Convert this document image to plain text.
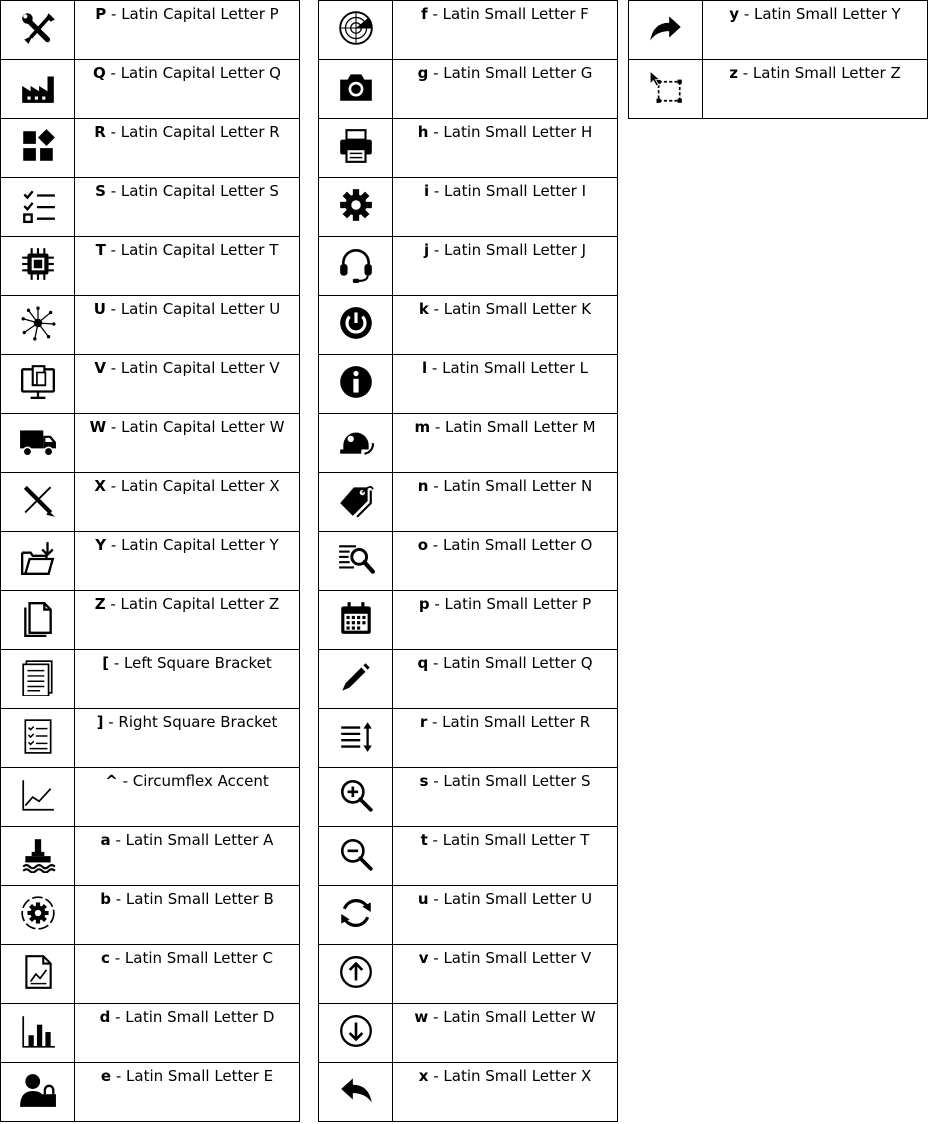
P - Latin Capital Letter P
Q - Latin Capital Letter Q
R - Latin Capital Letter R
S - Latin Capital Letter S
T - Latin Capital Letter T
U - Latin Capital Letter U
V - Latin Capital Letter V
W - Latin Capital Letter W
X - Latin Capital Letter X
Y - Latin Capital Letter Y
Z - Latin Capital Letter Z
[ - Left Square Bracket
] - Right Square Bracket
^ - Circumflex Accent
a - Latin Small Letter A
b - Latin Small Letter B
c - Latin Small Letter C
d - Latin Small Letter D
e - Latin Small Letter E
f - Latin Small Letter F
g - Latin Small Letter G
h - Latin Small Letter H
i - Latin Small Letter I
j - Latin Small Letter J
k - Latin Small Letter K
l - Latin Small Letter L
m - Latin Small Letter M
n - Latin Small Letter N
o - Latin Small Letter O
p - Latin Small Letter P
q - Latin Small Letter Q
r - Latin Small Letter R
s - Latin Small Letter S
t - Latin Small Letter T
u - Latin Small Letter U
v - Latin Small Letter V
w - Latin Small Letter W
x - Latin Small Letter X
y - Latin Small Letter Y
z - Latin Small Letter Z
